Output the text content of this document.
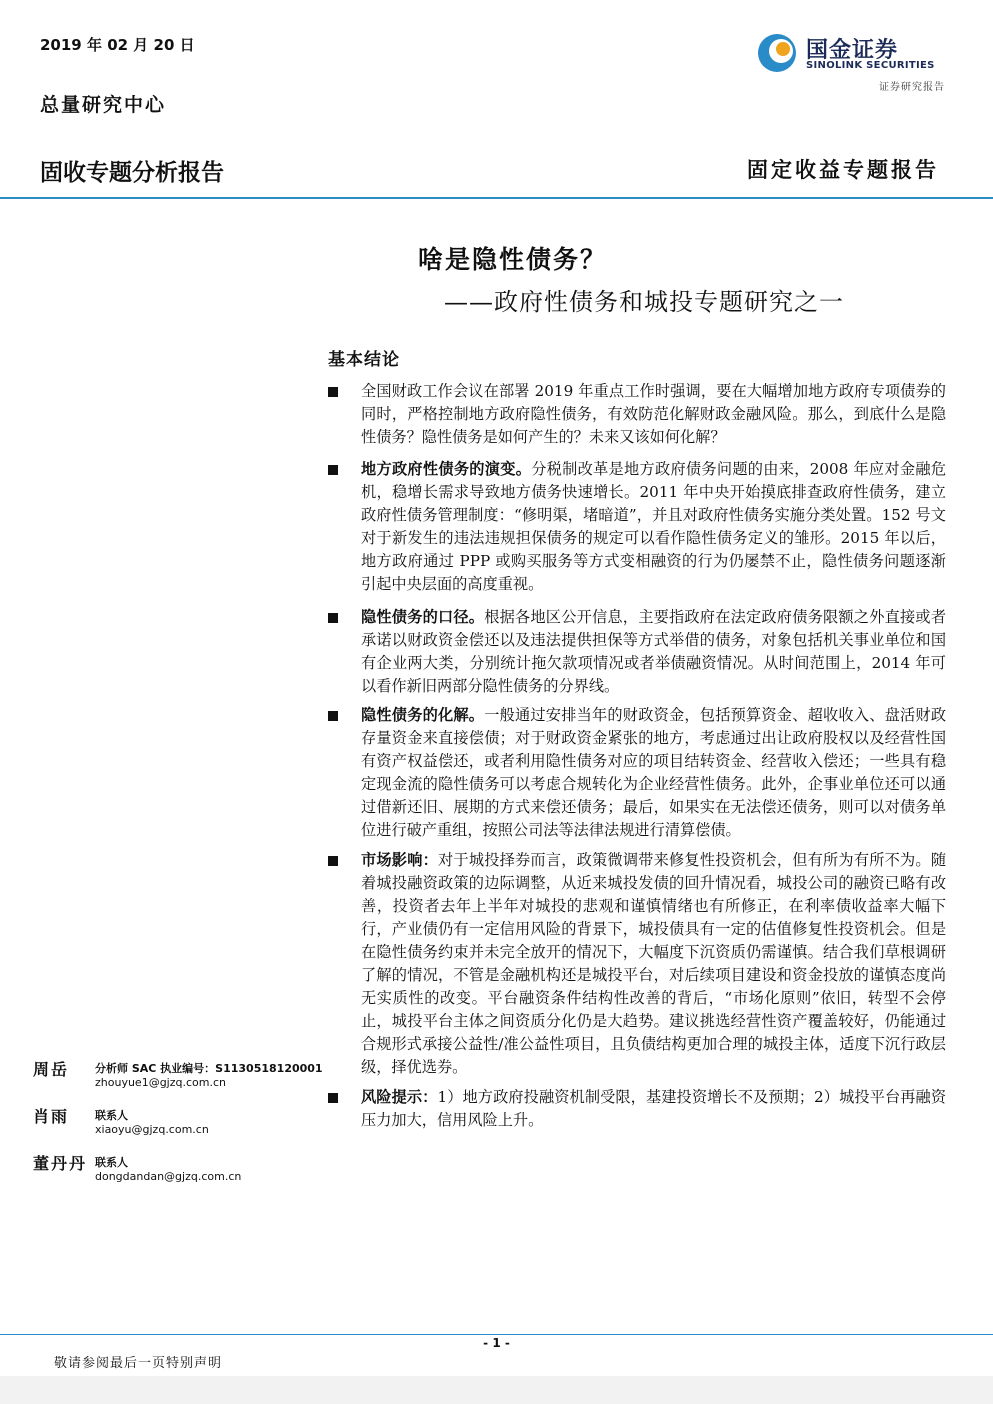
2019 年 02 月 20 日
总量研究中心
固收专题分析报告	固定收益专题报告
国金证券
SINOLINK SECURITIES
证券研究报告
啥是隐性债务？
——政府性债务和城投专题研究之一
基本结论
全国财政工作会议在部署 2019 年重点工作时强调，要在大幅增加地方政府专项债券的同时，严格控制地方政府隐性债务，有效防范化解财政金融风险。那么，到底什么是隐性债务？隐性债务是如何产生的？未来又该如何化解？
地方政府性债务的演变。分税制改革是地方政府债务问题的由来，2008 年应对金融危机，稳增长需求导致地方债务快速增长。2011 年中央开始摸底排查政府性债务，建立政府性债务管理制度：“修明渠，堵暗道”，并且对政府性债务实施分类处置。152 号文对于新发生的违法违规担保债务的规定可以看作隐性债务定义的雏形。2015 年以后，地方政府通过 PPP 或购买服务等方式变相融资的行为仍屡禁不止，隐性债务问题逐渐引起中央层面的高度重视。
隐性债务的口径。根据各地区公开信息，主要指政府在法定政府债务限额之外直接或者承诺以财政资金偿还以及违法提供担保等方式举借的债务，对象包括机关事业单位和国有企业两大类，分别统计拖欠款项情况或者举债融资情况。从时间范围上，2014 年可以看作新旧两部分隐性债务的分界线。
隐性债务的化解。一般通过安排当年的财政资金，包括预算资金、超收收入、盘活财政存量资金来直接偿债；对于财政资金紧张的地方，考虑通过出让政府股权以及经营性国有资产权益偿还，或者利用隐性债务对应的项目结转资金、经营收入偿还；一些具有稳定现金流的隐性债务可以考虑合规转化为企业经营性债务。此外，企事业单位还可以通过借新还旧、展期的方式来偿还债务；最后，如果实在无法偿还债务，则可以对债务单位进行破产重组，按照公司法等法律法规进行清算偿债。
市场影响：对于城投择券而言，政策微调带来修复性投资机会，但有所为有所不为。随着城投融资政策的边际调整，从近来城投发债的回升情况看，城投公司的融资已略有改善，投资者去年上半年对城投的悲观和谨慎情绪也有所修正，在利率债收益率大幅下行，产业债仍有一定信用风险的背景下，城投债具有一定的估值修复性投资机会。但是在隐性债务约束并未完全放开的情况下，大幅度下沉资质仍需谨慎。结合我们草根调研了解的情况，不管是金融机构还是城投平台，对后续项目建设和资金投放的谨慎态度尚无实质性的改变。平台融资条件结构性改善的背后，“市场化原则”依旧，转型不会停止，城投平台主体之间资质分化仍是大趋势。建议挑选经营性资产覆盖较好，仍能通过合规形式承接公益性/准公益性项目，且负债结构更加合理的城投主体，适度下沉行政层级，择优选券。
风险提示：1）地方政府投融资机制受限，基建投资增长不及预期；2）城投平台再融资压力加大，信用风险上升。
周岳 分析师 SAC 执业编号：S1130518120001
zhouyue1@gjzq.com.cn
肖雨 联系人
xiaoyu@gjzq.com.cn
董丹丹 联系人
dongdandan@gjzq.com.cn
- 1 -
敬请参阅最后一页特别声明
